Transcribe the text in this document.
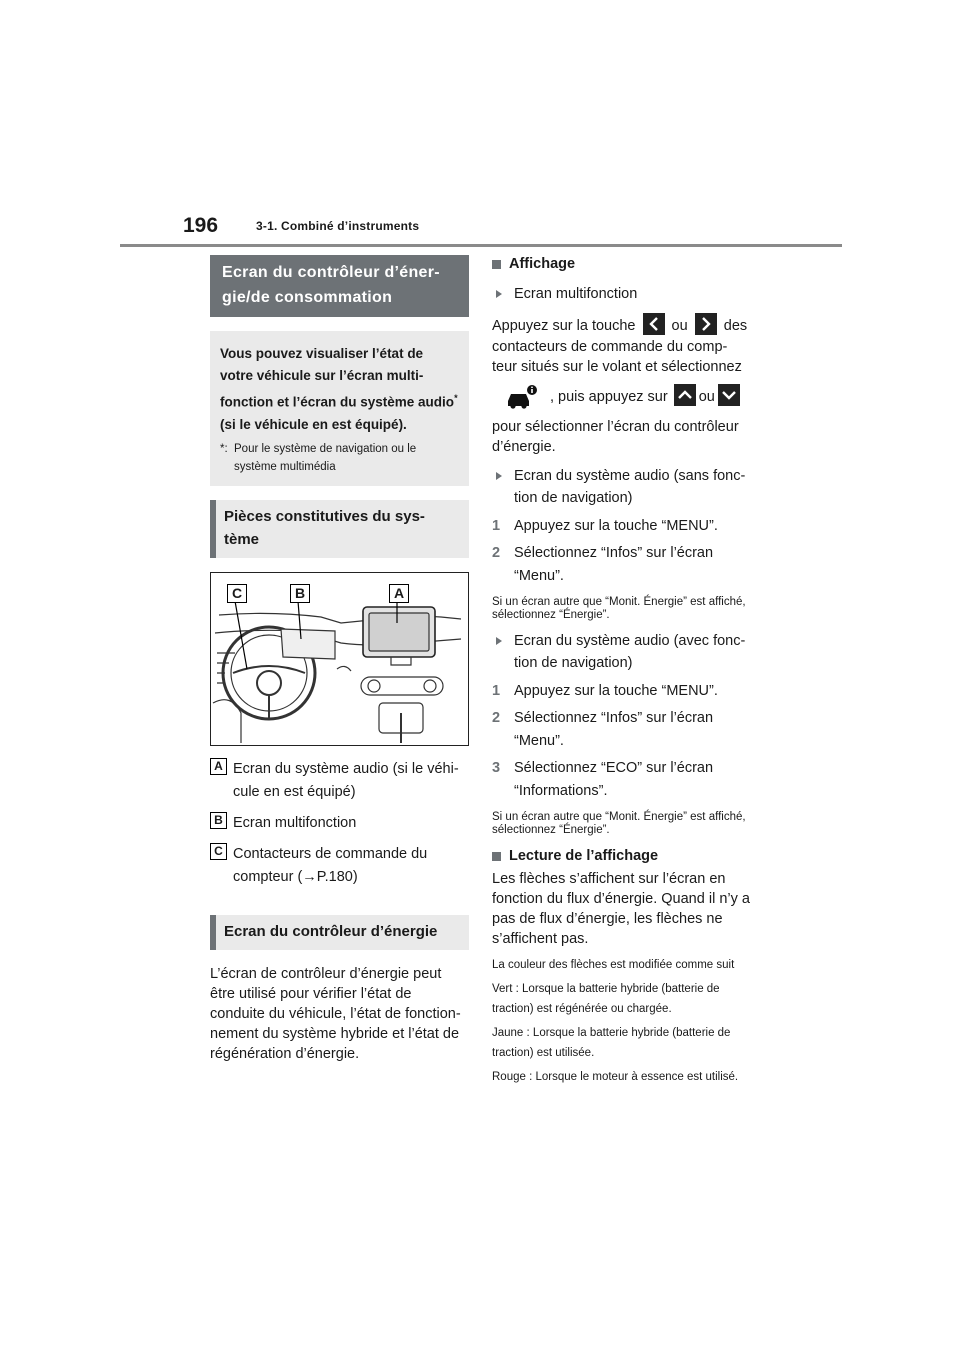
196	3-1. Combiné d’instruments
Ecran du contrôleur d’éner-gie/de consommation
Vous pouvez visualiser l’état de votre véhicule sur l’écran multi-fonction et l’écran du système audio* (si le véhicule en est équipé).
*: Pour le système de navigation ou le système multimédia
Pièces constitutives du sys-tème
C	B	A
A Ecran du système audio (si le véhi-cule en est équipé)
B Ecran multifonction
C Contacteurs de commande du compteur (→P.180)
Ecran du contrôleur d’énergie
L’écran de contrôleur d’énergie peut être utilisé pour vérifier l’état de conduite du véhicule, l’état de fonction-nement du système hybride et l’état de régénération d’énergie.
Affichage
Ecran multifonction
Appuyez sur la touche ou des contacteurs de commande du comp-teur situés sur le volant et sélectionnez
, puis appuyez sur ou
pour sélectionner l’écran du contrôleur d’énergie.
Ecran du système audio (sans fonc-tion de navigation)
1 Appuyez sur la touche “MENU”.
2 Sélectionnez “Infos” sur l’écran “Menu”.
Si un écran autre que “Monit. Énergie” est affiché, sélectionnez “Énergie”.
Ecran du système audio (avec fonc-tion de navigation)
1 Appuyez sur la touche “MENU”.
2 Sélectionnez “Infos” sur l’écran “Menu”.
3 Sélectionnez “ECO” sur l’écran “Informations”.
Si un écran autre que “Monit. Énergie” est affiché, sélectionnez “Énergie”.
Lecture de l’affichage
Les flèches s’affichent sur l’écran en fonction du flux d’énergie. Quand il n’y a pas de flux d’énergie, les flèches ne s’affichent pas.
La couleur des flèches est modifiée comme suit
Vert : Lorsque la batterie hybride (batterie de traction) est régénérée ou chargée.
Jaune : Lorsque la batterie hybride (batterie de traction) est utilisée.
Rouge : Lorsque le moteur à essence est utilisé.
